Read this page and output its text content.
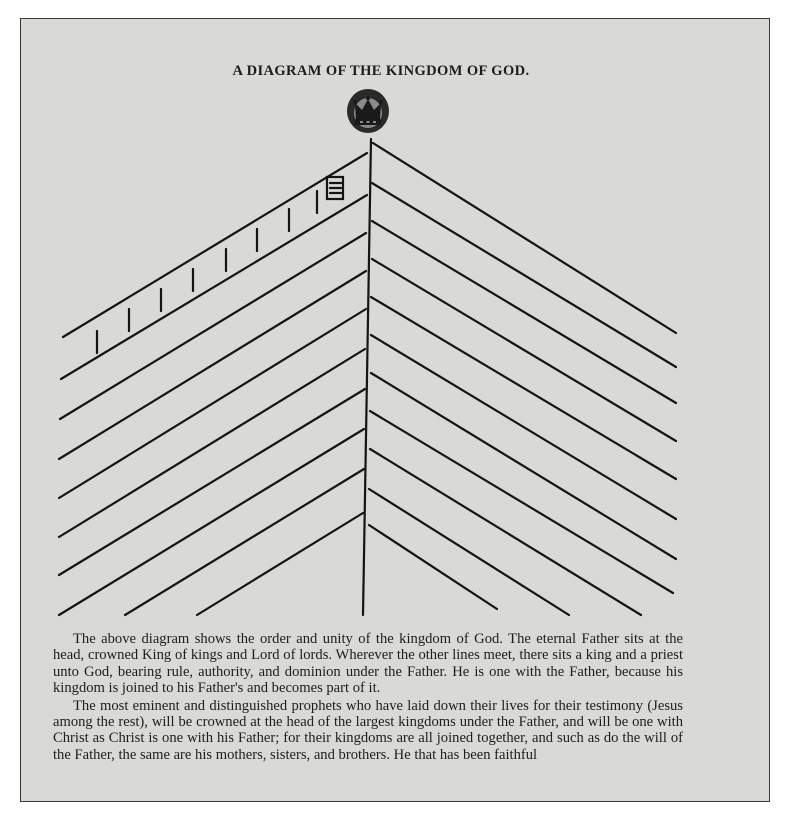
A DIAGRAM OF THE KINGDOM OF GOD.

The above diagram shows the order and unity of the kingdom of God. The eternal Father sits at the head, crowned King of kings and Lord of lords. Wherever the other lines meet, there sits a king and a priest unto God, bearing rule, authority, and dominion under the Father. He is one with the Father, because his kingdom is joined to his Father's and becomes part of it.

The most eminent and distinguished prophets who have laid down their lives for their testimony (Jesus among the rest), will be crowned at the head of the largest kingdoms under the Father, and will be one with Christ as Christ is one with his Father; for their kingdoms are all joined together, and such as do the will of the Father, the same are his mothers, sisters, and brothers. He that has been faithful
